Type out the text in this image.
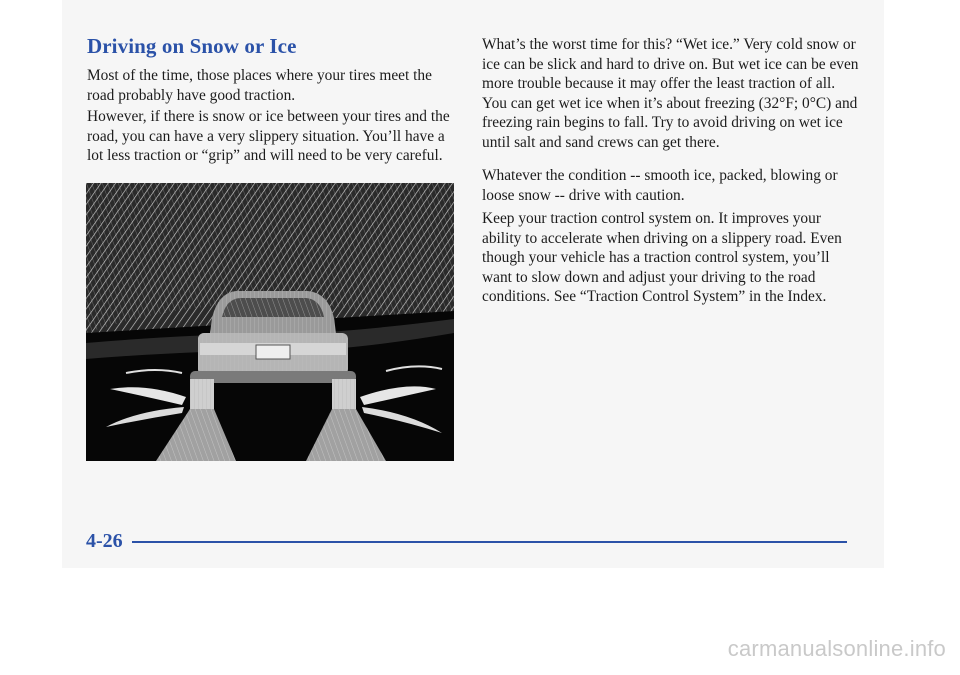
Driving on Snow or Ice

Most of the time, those places where your tires meet the road probably have good traction.

However, if there is snow or ice between your tires and the road, you can have a very slippery situation. You’ll have a lot less traction or “grip” and will need to be very careful.

What’s the worst time for this? “Wet ice.” Very cold snow or ice can be slick and hard to drive on. But wet ice can be even more trouble because it may offer the least traction of all. You can get wet ice when it’s about freezing (32°F; 0°C) and freezing rain begins to fall. Try to avoid driving on wet ice until salt and sand crews can get there.

Whatever the condition -- smooth ice, packed, blowing or loose snow -- drive with caution.

Keep your traction control system on. It improves your ability to accelerate when driving on a slippery road. Even though your vehicle has a traction control system, you’ll want to slow down and adjust your driving to the road conditions. See “Traction Control System” in the Index.

4-26
carmanualsonline.info
